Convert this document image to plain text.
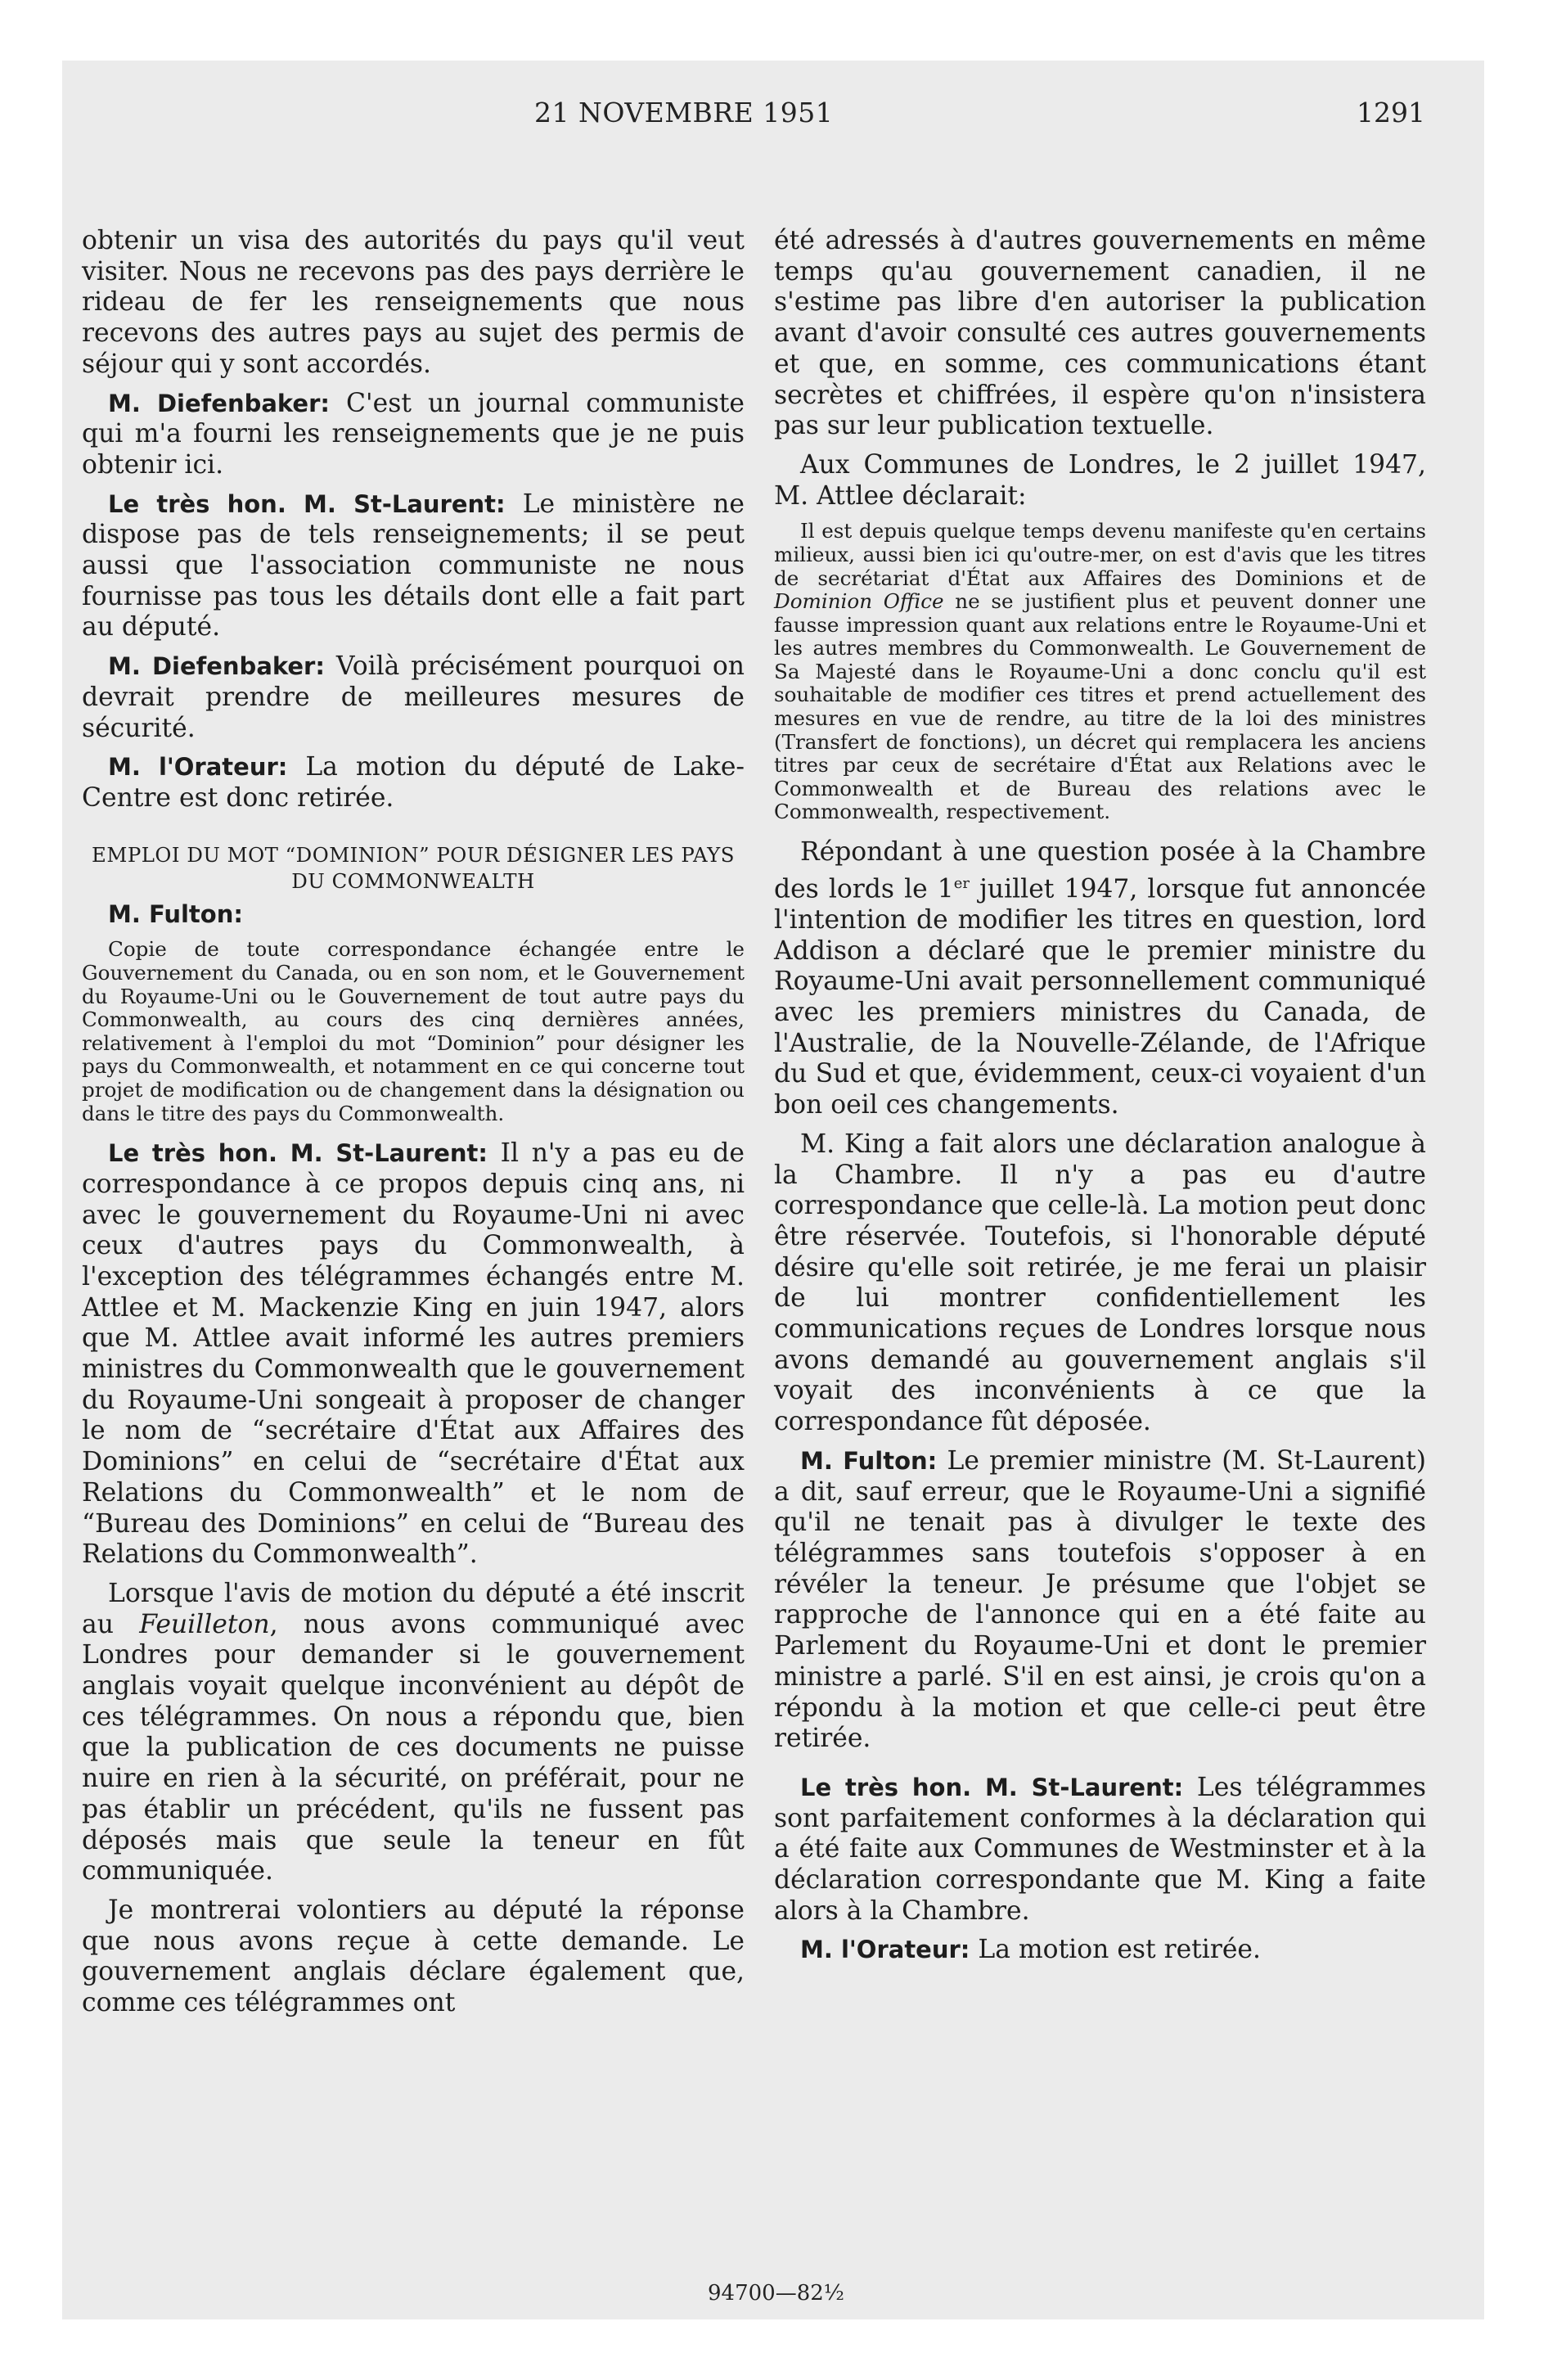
21 NOVEMBRE 1951	1291

obtenir un visa des autorités du pays qu'il veut visiter. Nous ne recevons pas des pays derrière le rideau de fer les renseignements que nous recevons des autres pays au sujet des permis de séjour qui y sont accordés.

M. Diefenbaker: C'est un journal communiste qui m'a fourni les renseignements que je ne puis obtenir ici.

Le très hon. M. St-Laurent: Le ministère ne dispose pas de tels renseignements; il se peut aussi que l'association communiste ne nous fournisse pas tous les détails dont elle a fait part au député.

M. Diefenbaker: Voilà précisément pourquoi on devrait prendre de meilleures mesures de sécurité.

M. l'Orateur: La motion du député de Lake-Centre est donc retirée.

EMPLOI DU MOT “DOMINION” POUR DÉSIGNER LES PAYS DU COMMONWEALTH

M. Fulton:

Copie de toute correspondance échangée entre le Gouvernement du Canada, ou en son nom, et le Gouvernement du Royaume-Uni ou le Gouvernement de tout autre pays du Commonwealth, au cours des cinq dernières années, relativement à l'emploi du mot “Dominion” pour désigner les pays du Commonwealth, et notamment en ce qui concerne tout projet de modification ou de changement dans la désignation ou dans le titre des pays du Commonwealth.

Le très hon. M. St-Laurent: Il n'y a pas eu de correspondance à ce propos depuis cinq ans, ni avec le gouvernement du Royaume-Uni ni avec ceux d'autres pays du Commonwealth, à l'exception des télégrammes échangés entre M. Attlee et M. Mackenzie King en juin 1947, alors que M. Attlee avait informé les autres premiers ministres du Commonwealth que le gouvernement du Royaume-Uni songeait à proposer de changer le nom de “secrétaire d'État aux Affaires des Dominions” en celui de “secrétaire d'État aux Relations du Commonwealth” et le nom de “Bureau des Dominions” en celui de “Bureau des Relations du Commonwealth”.

Lorsque l'avis de motion du député a été inscrit au Feuilleton, nous avons communiqué avec Londres pour demander si le gouvernement anglais voyait quelque inconvénient au dépôt de ces télégrammes. On nous a répondu que, bien que la publication de ces documents ne puisse nuire en rien à la sécurité, on préférait, pour ne pas établir un précédent, qu'ils ne fussent pas déposés mais que seule la teneur en fût communiquée.

Je montrerai volontiers au député la réponse que nous avons reçue à cette demande. Le gouvernement anglais déclare également que, comme ces télégrammes ont

été adressés à d'autres gouvernements en même temps qu'au gouvernement canadien, il ne s'estime pas libre d'en autoriser la publication avant d'avoir consulté ces autres gouvernements et que, en somme, ces communications étant secrètes et chiffrées, il espère qu'on n'insistera pas sur leur publication textuelle.

Aux Communes de Londres, le 2 juillet 1947, M. Attlee déclarait:

Il est depuis quelque temps devenu manifeste qu'en certains milieux, aussi bien ici qu'outre-mer, on est d'avis que les titres de secrétariat d'État aux Affaires des Dominions et de Dominion Office ne se justifient plus et peuvent donner une fausse impression quant aux relations entre le Royaume-Uni et les autres membres du Commonwealth. Le Gouvernement de Sa Majesté dans le Royaume-Uni a donc conclu qu'il est souhaitable de modifier ces titres et prend actuellement des mesures en vue de rendre, au titre de la loi des ministres (Transfert de fonctions), un décret qui remplacera les anciens titres par ceux de secrétaire d'État aux Relations avec le Commonwealth et de Bureau des relations avec le Commonwealth, respectivement.

Répondant à une question posée à la Chambre des lords le 1er juillet 1947, lorsque fut annoncée l'intention de modifier les titres en question, lord Addison a déclaré que le premier ministre du Royaume-Uni avait personnellement communiqué avec les premiers ministres du Canada, de l'Australie, de la Nouvelle-Zélande, de l'Afrique du Sud et que, évidemment, ceux-ci voyaient d'un bon oeil ces changements.

M. King a fait alors une déclaration analogue à la Chambre. Il n'y a pas eu d'autre correspondance que celle-là. La motion peut donc être réservée. Toutefois, si l'honorable député désire qu'elle soit retirée, je me ferai un plaisir de lui montrer confidentiellement les communications reçues de Londres lorsque nous avons demandé au gouvernement anglais s'il voyait des inconvénients à ce que la correspondance fût déposée.

M. Fulton: Le premier ministre (M. St-Laurent) a dit, sauf erreur, que le Royaume-Uni a signifié qu'il ne tenait pas à divulger le texte des télégrammes sans toutefois s'opposer à en révéler la teneur. Je présume que l'objet se rapproche de l'annonce qui en a été faite au Parlement du Royaume-Uni et dont le premier ministre a parlé. S'il en est ainsi, je crois qu'on a répondu à la motion et que celle-ci peut être retirée.

Le très hon. M. St-Laurent: Les télégrammes sont parfaitement conformes à la déclaration qui a été faite aux Communes de Westminster et à la déclaration correspondante que M. King a faite alors à la Chambre.

M. l'Orateur: La motion est retirée.

94700—82½
